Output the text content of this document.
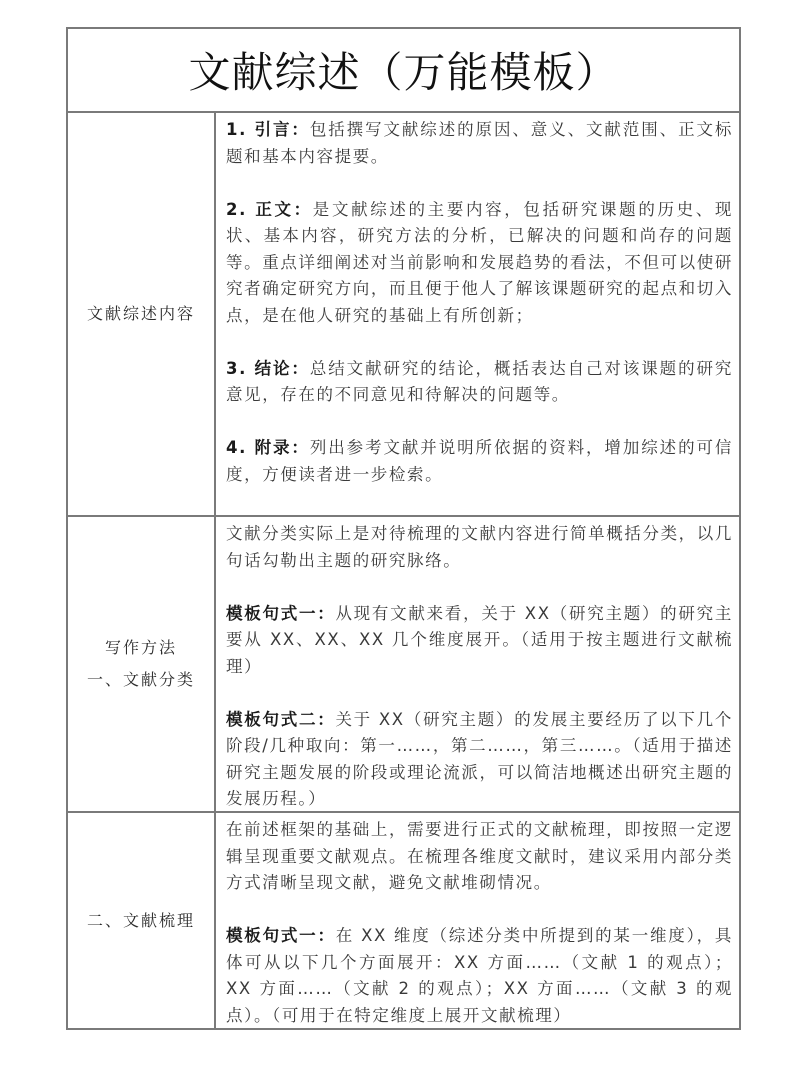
文献综述（万能模板）
文献综述内容

1. 引言：包括撰写文献综述的原因、意义、文献范围、正文标题和基本内容提要。

2. 正文：是文献综述的主要内容，包括研究课题的历史、现状、基本内容，研究方法的分析，已解决的问题和尚存的问题等。重点详细阐述对当前影响和发展趋势的看法，不但可以使研究者确定研究方向，而且便于他人了解该课题研究的起点和切入点，是在他人研究的基础上有所创新；

3. 结论：总结文献研究的结论，概括表达自己对该课题的研究意见，存在的不同意见和待解决的问题等。

4. 附录：列出参考文献并说明所依据的资料，增加综述的可信度，方便读者进一步检索。

写作方法
一、文献分类

文献分类实际上是对待梳理的文献内容进行简单概括分类，以几句话勾勒出主题的研究脉络。

模板句式一：从现有文献来看，关于 XX（研究主题）的研究主要从 XX、XX、XX 几个维度展开。（适用于按主题进行文献梳理）

模板句式二：关于 XX（研究主题）的发展主要经历了以下几个阶段/几种取向：第一……，第二……，第三……。（适用于描述研究主题发展的阶段或理论流派，可以简洁地概述出研究主题的发展历程。）

二、文献梳理

在前述框架的基础上，需要进行正式的文献梳理，即按照一定逻辑呈现重要文献观点。在梳理各维度文献时，建议采用内部分类方式清晰呈现文献，避免文献堆砌情况。

模板句式一：在 XX 维度（综述分类中所提到的某一维度），具体可从以下几个方面展开：XX 方面……（文献 1 的观点）；XX 方面……（文献 2 的观点）；XX 方面……（文献 3 的观点）。（可用于在特定维度上展开文献梳理）
